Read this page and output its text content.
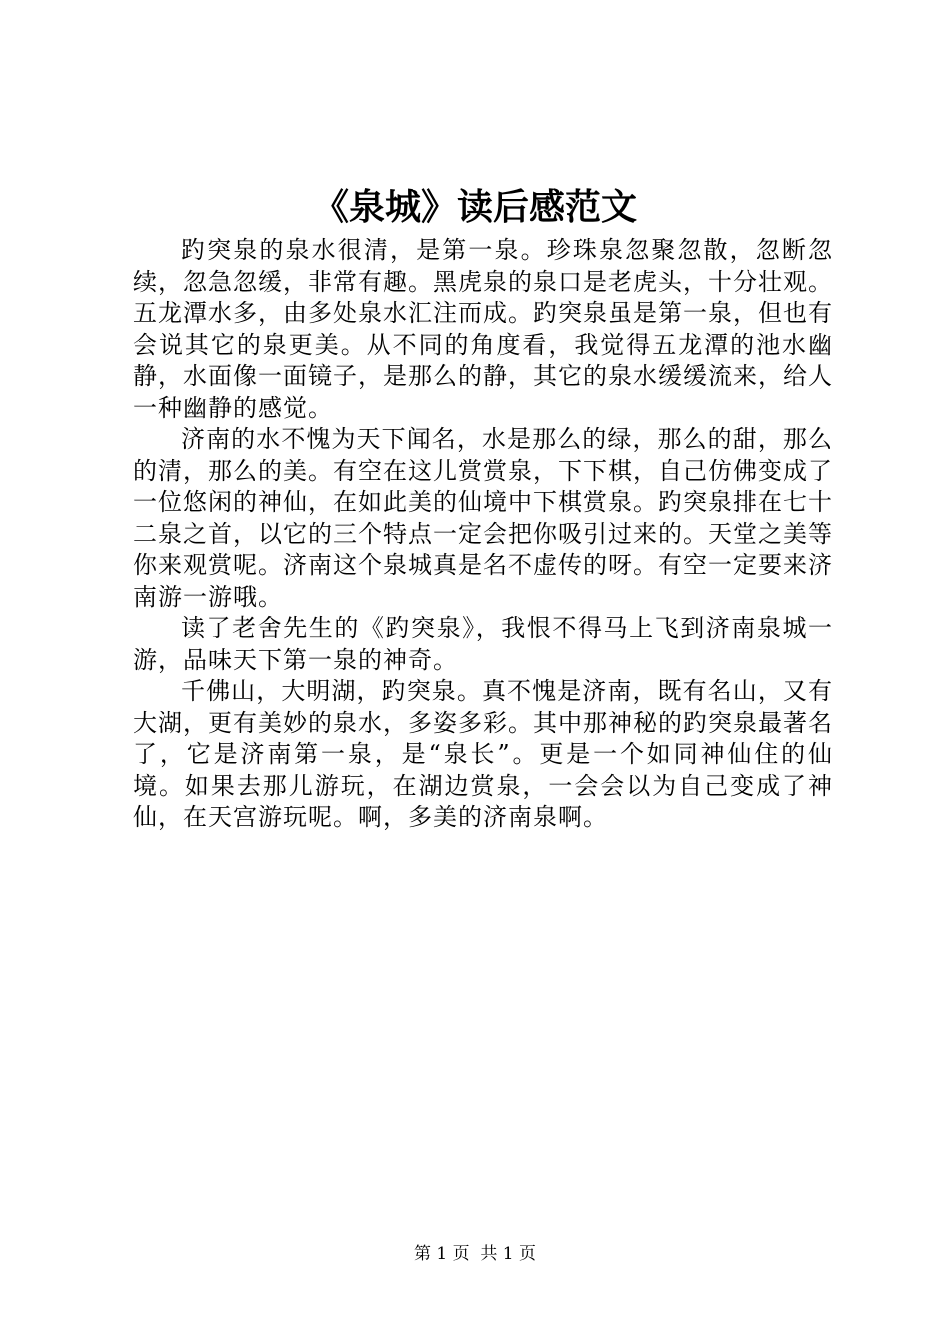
《泉城》读后感范文

趵突泉的泉水很清，是第一泉。珍珠泉忽聚忽散，忽断忽续，忽急忽缓，非常有趣。黑虎泉的泉口是老虎头，十分壮观。五龙潭水多，由多处泉水汇注而成。趵突泉虽是第一泉，但也有会说其它的泉更美。从不同的角度看，我觉得五龙潭的池水幽静，水面像一面镜子，是那么的静，其它的泉水缓缓流来，给人一种幽静的感觉。

济南的水不愧为天下闻名，水是那么的绿，那么的甜，那么的清，那么的美。有空在这儿赏赏泉，下下棋，自己仿佛变成了一位悠闲的神仙，在如此美的仙境中下棋赏泉。趵突泉排在七十二泉之首，以它的三个特点一定会把你吸引过来的。天堂之美等你来观赏呢。济南这个泉城真是名不虚传的呀。有空一定要来济南游一游哦。

读了老舍先生的《趵突泉》，我恨不得马上飞到济南泉城一游，品味天下第一泉的神奇。

千佛山，大明湖，趵突泉。真不愧是济南，既有名山，又有大湖，更有美妙的泉水，多姿多彩。其中那神秘的趵突泉最著名了，它是济南第一泉，是“泉长”。更是一个如同神仙住的仙境。如果去那儿游玩，在湖边赏泉，一会会以为自己变成了神仙，在天宫游玩呢。啊，多美的济南泉啊。

第 1 页  共 1 页
